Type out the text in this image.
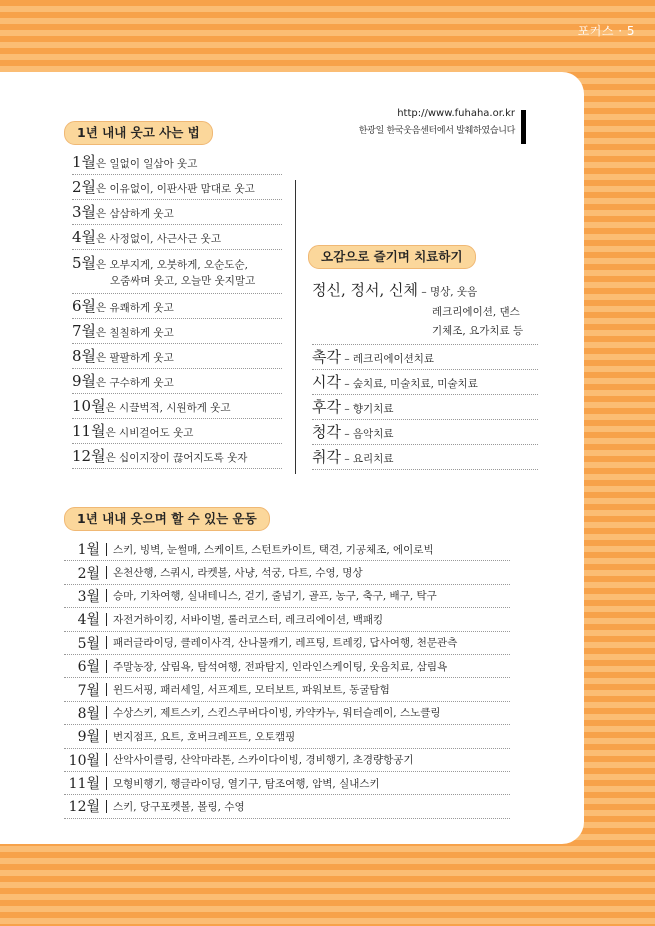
포커스 · 5
http://www.fuhaha.or.kr
한광일 한국웃음센터에서 발췌하였습니다
1년 내내 웃고 사는 법
1월은 일없이 일삼아 웃고
2월은 이유없이, 이판사판 맘대로 웃고
3월은 삼삼하게 웃고
4월은 사정없이, 사근사근 웃고
5월은 오부지게, 오붓하게, 오순도순,
오줌싸며 웃고, 오늘만 웃지말고
6월은 유쾌하게 웃고
7월은 칠칠하게 웃고
8월은 팔팔하게 웃고
9월은 구수하게 웃고
10월은 시끌벅적, 시원하게 웃고
11월은 시비걸어도 웃고
12월은 십이지장이 끊어지도록 웃자
오감으로 즐기며 치료하기
정신, 정서, 신체 – 명상, 웃음
레크리에이션, 댄스
기체조, 요가치료 등
촉각 – 레크리에이션치료
시각 – 숲치료, 미술치료, 미술치료
후각 – 향기치료
청각 – 음악치료
취각 – 요리치료
1년 내내 웃으며 할 수 있는 운동
1월 스키, 빙벽, 눈썰매, 스케이트, 스턴트카이트, 택견, 기공체조, 에이로빅
2월 온천산행, 스쿼시, 라켓볼, 사냥, 석궁, 다트, 수영, 명상
3월 승마, 기차여행, 실내테니스, 걷기, 줄넘기, 골프, 농구, 축구, 배구, 탁구
4월 자전거하이킹, 서바이벌, 롤러코스터, 레크리에이션, 백패킹
5월 패러글라이딩, 클레이사격, 산나물캐기, 레프팅, 트레킹, 답사여행, 천문관측
6월 주말농장, 삼림욕, 탐석여행, 전파탐지, 인라인스케이팅, 웃음치료, 삼림욕
7월 윈드서핑, 패러세일, 서프제트, 모터보트, 파워보트, 동굴탐험
8월 수상스키, 제트스키, 스킨스쿠버다이빙, 카약카누, 워터슬레이, 스노클링
9월 번지점프, 요트, 호버크레프트, 오토캠핑
10월 산악사이클링, 산악마라톤, 스카이다이빙, 경비행기, 초경량항공기
11월 모형비행기, 행글라이딩, 열기구, 탐조여행, 암벽, 실내스키
12월 스키, 당구포켓볼, 볼링, 수영
